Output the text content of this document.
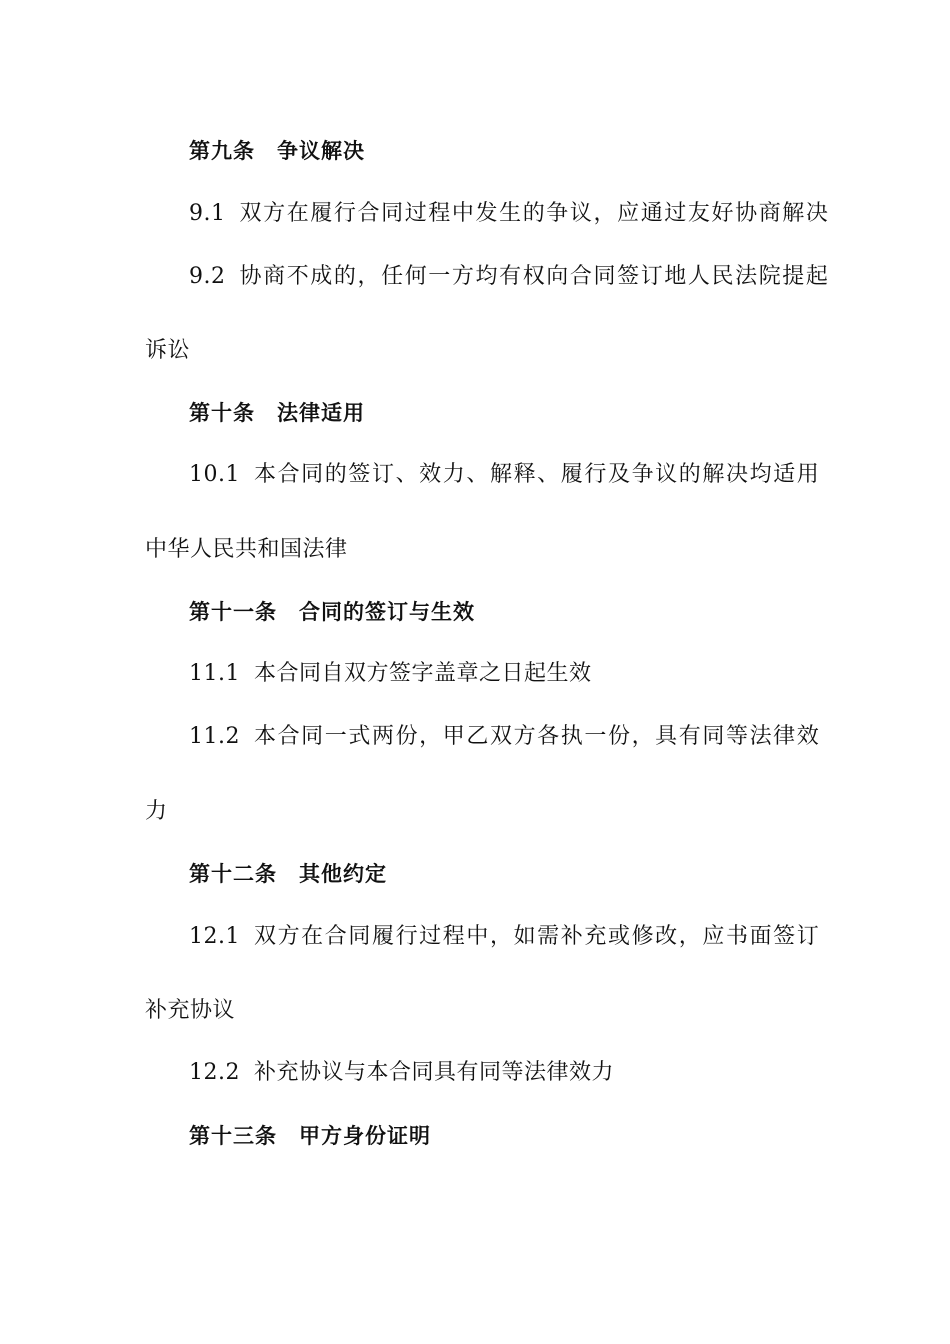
第九条　争议解决
9.1 双方在履行合同过程中发生的争议，应通过友好协商解决
9.2 协商不成的，任何一方均有权向合同签订地人民法院提起
诉讼
第十条　法律适用
10.1 本合同的签订、效力、解释、履行及争议的解决均适用
中华人民共和国法律
第十一条　合同的签订与生效
11.1 本合同自双方签字盖章之日起生效
11.2 本合同一式两份，甲乙双方各执一份，具有同等法律效
力
第十二条　其他约定
12.1 双方在合同履行过程中，如需补充或修改，应书面签订
补充协议
12.2 补充协议与本合同具有同等法律效力
第十三条　甲方身份证明
